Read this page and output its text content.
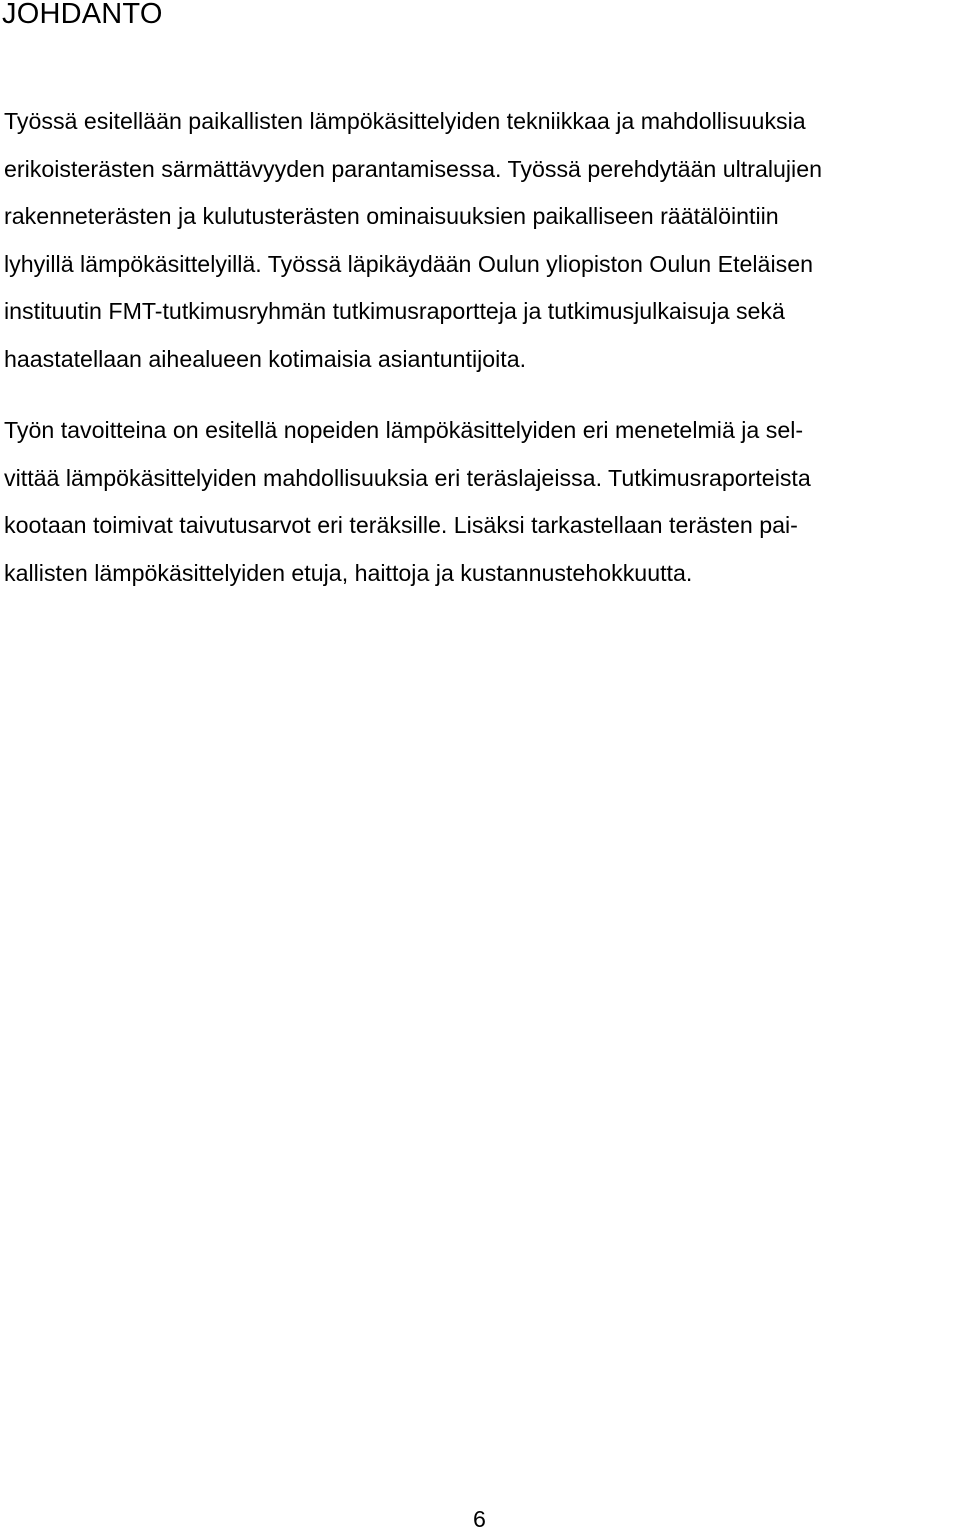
JOHDANTO

Työssä esitellään paikallisten lämpökäsittelyiden tekniikkaa ja mahdollisuuksia
erikoisterästen särmättävyyden parantamisessa. Työssä perehdytään ultralujien
rakenneterästen ja kulutusterästen ominaisuuksien paikalliseen räätälöintiin
lyhyillä lämpökäsittelyillä. Työssä läpikäydään Oulun yliopiston Oulun Eteläisen
instituutin FMT-tutkimusryhmän tutkimusraportteja ja tutkimusjulkaisuja sekä
haastatellaan aihealueen kotimaisia asiantuntijoita.

Työn tavoitteina on esitellä nopeiden lämpökäsittelyiden eri menetelmiä ja sel-
vittää lämpökäsittelyiden mahdollisuuksia eri teräslajeissa. Tutkimusraporteista
kootaan toimivat taivutusarvot eri teräksille. Lisäksi tarkastellaan terästen pai-
kallisten lämpökäsittelyiden etuja, haittoja ja kustannustehokkuutta.

6
